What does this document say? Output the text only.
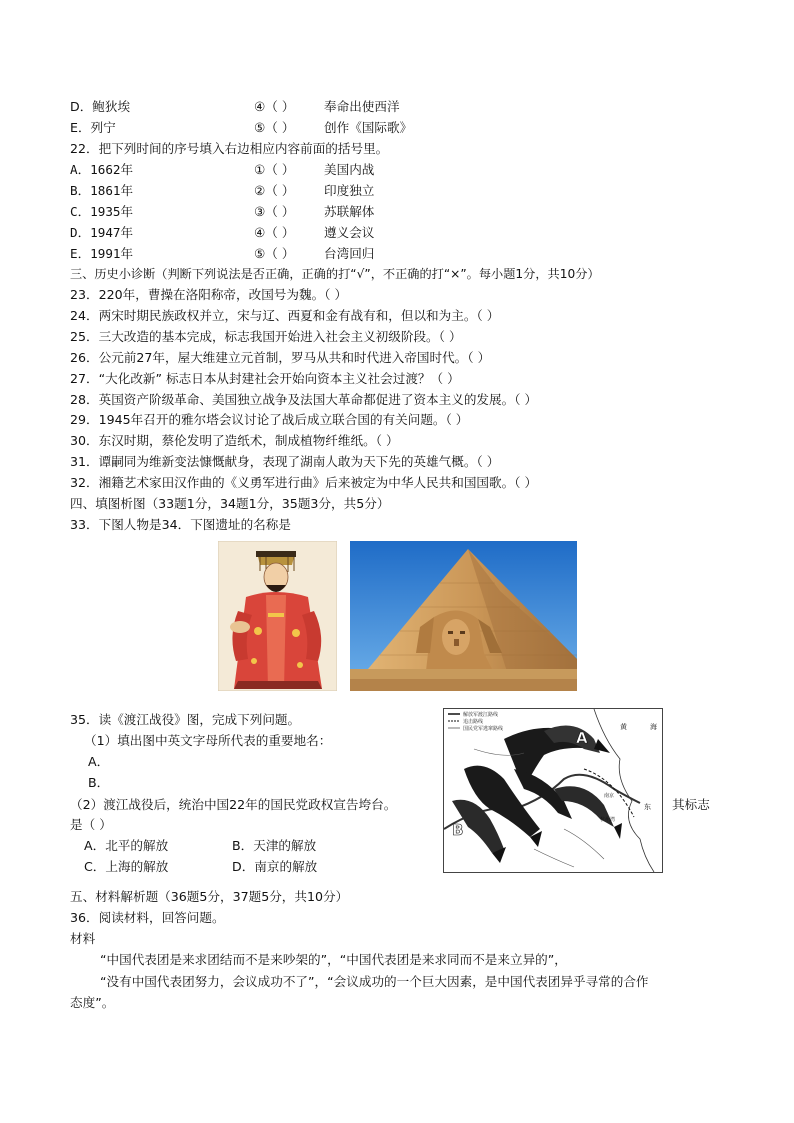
D．鲍狄埃	④（ ） 奉命出使西洋
E．列宁	⑤（ ） 创作《国际歌》
22．把下列时间的序号填入右边相应内容前面的括号里。
A．1662年	①（ ） 美国内战
B．1861年	②（ ） 印度独立
C．1935年	③（ ） 苏联解体
D．1947年	④（ ） 遵义会议
E．1991年	⑤（ ） 台湾回归
三、历史小诊断（判断下列说法是否正确，正确的打“√”，不正确的打“×”。每小题1分，共10分）
23．220年，曹操在洛阳称帝，改国号为魏。（ ）
24．两宋时期民族政权并立，宋与辽、西夏和金有战有和，但以和为主。（ ）
25．三大改造的基本完成，标志我国开始进入社会主义初级阶段。（ ）
26．公元前27年，屋大维建立元首制，罗马从共和时代进入帝国时代。（ ）
27．“大化改新” 标志日本从封建社会开始向资本主义社会过渡？（ ）
28．英国资产阶级革命、美国独立战争及法国大革命都促进了资本主义的发展。（ ）
29．1945年召开的雅尔塔会议讨论了战后成立联合国的有关问题。（ ）
30．东汉时期，蔡伦发明了造纸术，制成植物纤维纸。（ ）
31．谭嗣同为维新变法慷慨献身，表现了湖南人敢为天下先的英雄气概。（ ）
32．湘籍艺术家田汉作曲的《义勇军进行曲》后来被定为中华人民共和国国歌。（ ）
四、填图析图（33题1分，34题1分，35题3分，共5分）
33．下图人物是34．下图遗址的名称是
35．读《渡江战役》图，完成下列问题。
（1）填出图中英文字母所代表的重要地名：
A．
B．
（2）渡江战役后，统治中国22年的国民党政权宣告垮台。	其标志
是（ ）
A．北平的解放	B．天津的解放
C．上海的解放	D．南京的解放
解放军渡江路线
追击路线
国民党军逃窜路线	A
B
黄	海
东
杭州湾
南京
五、材料解析题（36题5分，37题5分，共10分）
36．阅读材料，回答问题。
材料
“中国代表团是来求团结而不是来吵架的”，“中国代表团是来求同而不是来立异的”，
“没有中国代表团努力，会议成功不了”，“会议成功的一个巨大因素，是中国代表团异乎寻常的合作
态度”。
